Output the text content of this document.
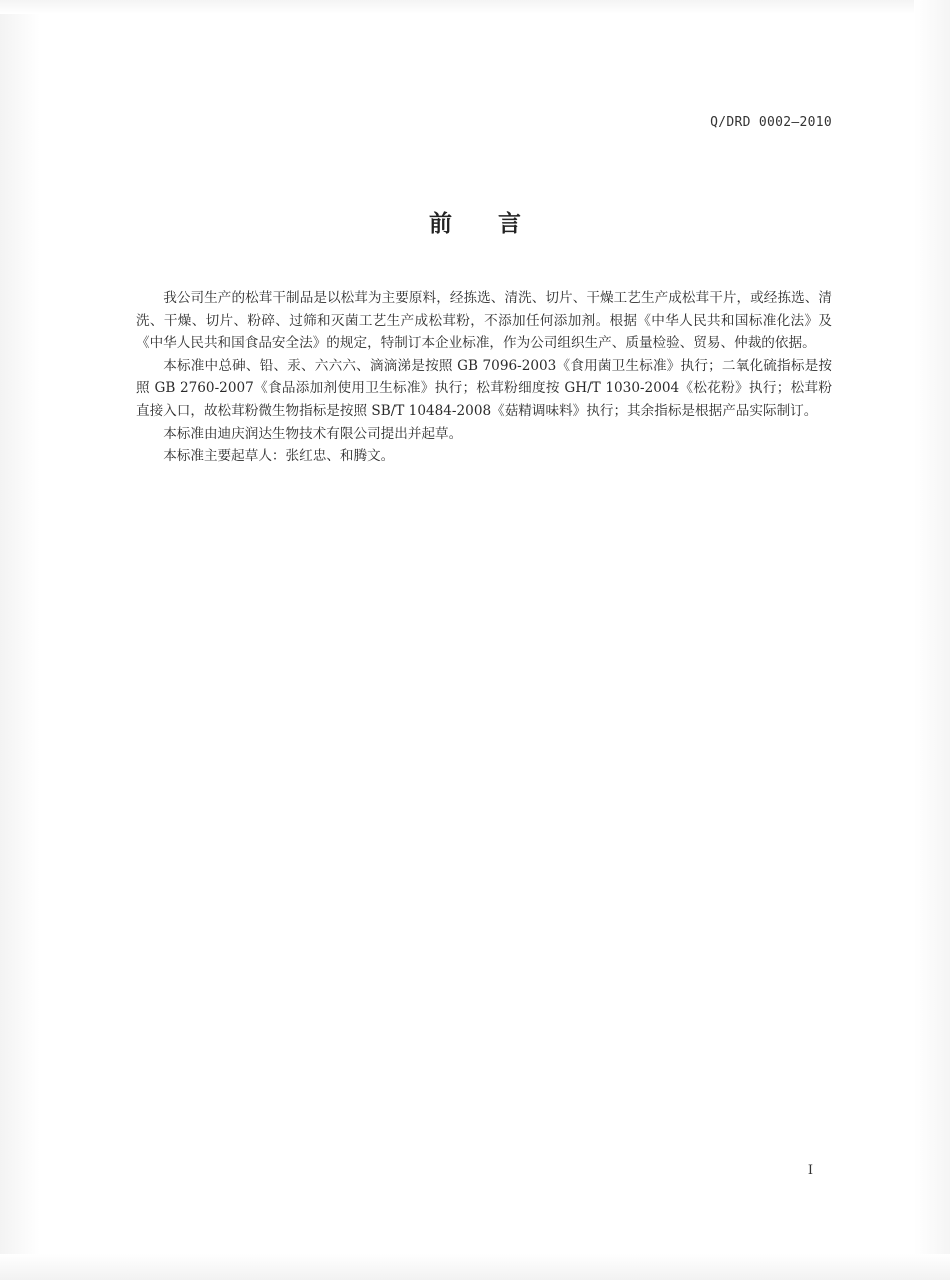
Q/DRD 0002—2010
前言

我公司生产的松茸干制品是以松茸为主要原料，经拣选、清洗、切片、干燥工艺生产成松茸干片，或经拣选、清洗、干燥、切片、粉碎、过筛和灭菌工艺生产成松茸粉，不添加任何添加剂。根据《中华人民共和国标准化法》及《中华人民共和国食品安全法》的规定，特制订本企业标准，作为公司组织生产、质量检验、贸易、仲裁的依据。

本标准中总砷、铅、汞、六六六、滴滴涕是按照 GB 7096-2003《食用菌卫生标准》执行；二氧化硫指标是按照 GB 2760-2007《食品添加剂使用卫生标准》执行；松茸粉细度按 GH/T 1030-2004《松花粉》执行；松茸粉直接入口，故松茸粉微生物指标是按照 SB/T 10484-2008《菇精调味料》执行；其余指标是根据产品实际制订。

本标准由迪庆润达生物技术有限公司提出并起草。

本标准主要起草人：张红忠、和腾文。

I
